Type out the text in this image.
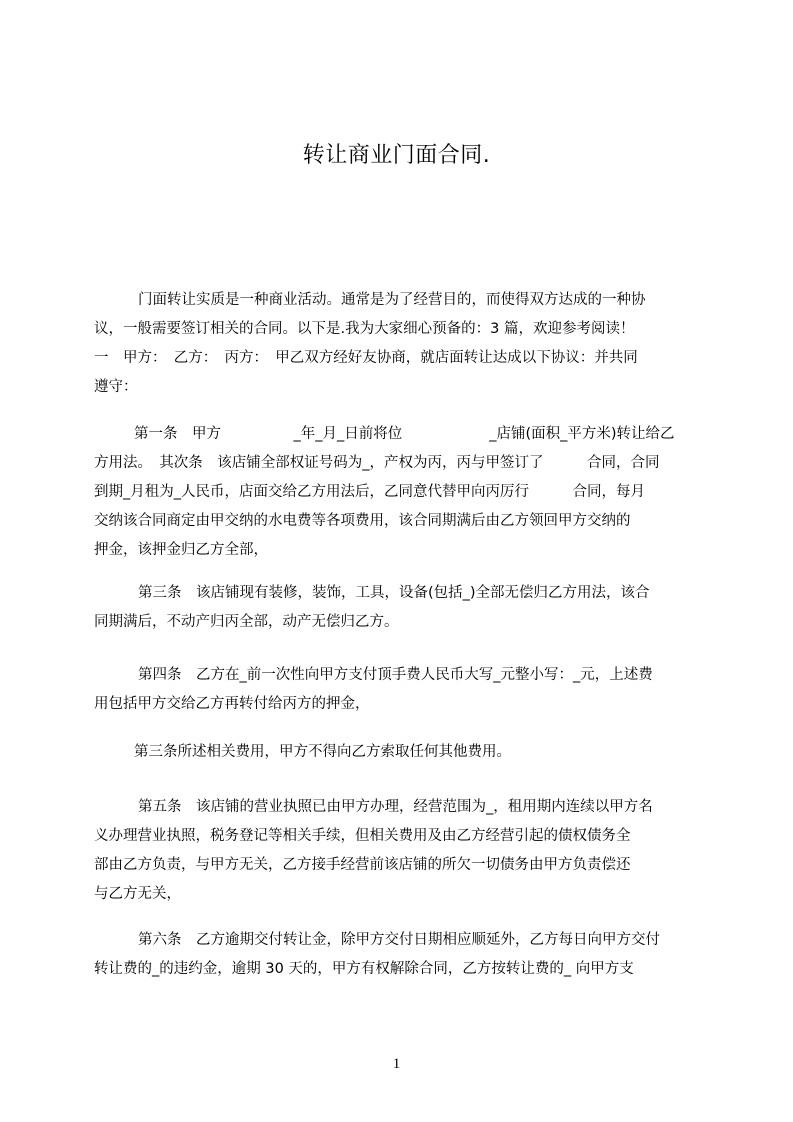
转让商业门面合同.
门面转让实质是一种商业活动。通常是为了经营目的，而使得双方达成的一种协
议，一般需要签订相关的合同。以下是.我为大家细心预备的：3 篇，欢迎参考阅读！
一　甲方：　乙方：　丙方：　甲乙双方经好友协商，就店面转让达成以下协议：并共同
遵守：
第一条　甲方　　　　　_年_月_日前将位　　　　　　_店铺(面积_平方米)转让给乙
方用法。　其次条　该店铺全部权证号码为_，产权为丙，丙与甲签订了　　　合同，合同
到期_月租为_人民币，店面交给乙方用法后，乙同意代替甲向丙厉行　　　合同，每月
交纳该合同商定由甲交纳的水电费等各项费用，该合同期满后由乙方领回甲方交纳的
押金，该押金归乙方全部，
第三条　该店铺现有装修，装饰，工具，设备(包括_)全部无偿归乙方用法，该合
同期满后，不动产归丙全部，动产无偿归乙方。
第四条　乙方在_前一次性向甲方支付顶手费人民币大写_元整小写：_元，上述费
用包括甲方交给乙方再转付给丙方的押金，
第三条所述相关费用，甲方不得向乙方索取任何其他费用。
第五条　该店铺的营业执照已由甲方办理，经营范围为_，租用期内连续以甲方名
义办理营业执照，税务登记等相关手续，但相关费用及由乙方经营引起的债权债务全
部由乙方负责，与甲方无关，乙方接手经营前该店铺的所欠一切债务由甲方负责偿还
与乙方无关，
第六条　乙方逾期交付转让金，除甲方交付日期相应顺延外，乙方每日向甲方交付
转让费的_的违约金，逾期 30 天的，甲方有权解除合同，乙方按转让费的_ 向甲方支
1
